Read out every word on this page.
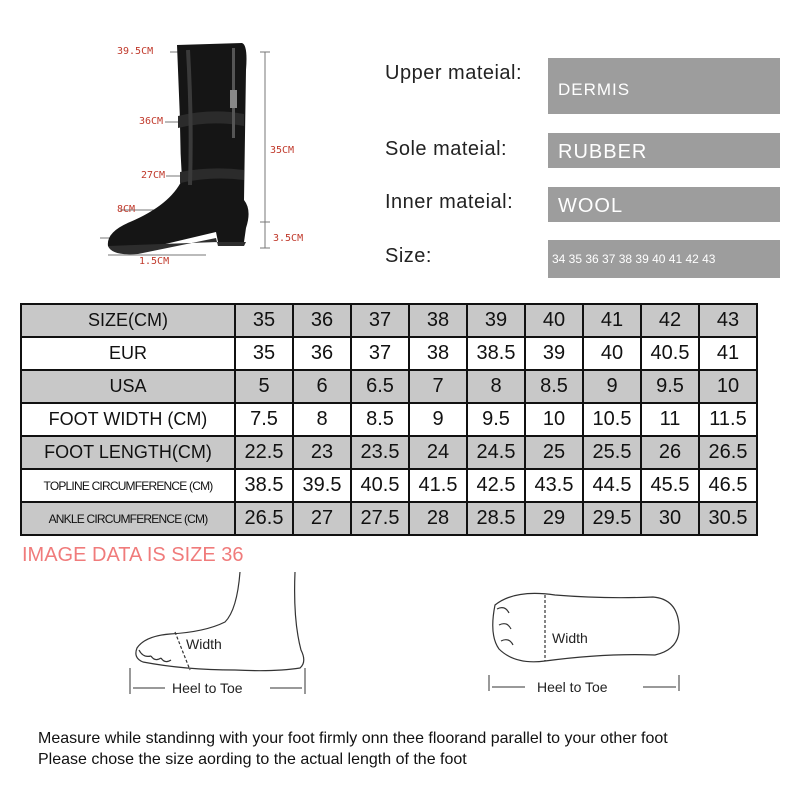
39.5CM
36CM
27CM
8CM
1.5CM
35CM
3.5CM
Upper mateial:
DERMIS
Sole mateial:	RUBBER
Inner mateial:	WOOL
Size:	34 35 36 37 38 39 40 41 42 43
SIZE(CM)	35	36	37	38	39	40	41	42	43
EUR	35	36	37	38	38.5	39	40	40.5	41
USA	5	6	6.5	7	8	8.5	9	9.5	10
FOOT WIDTH (CM)	7.5	8	8.5	9	9.5	10	10.5	11	11.5
FOOT LENGTH(CM)	22.5	23	23.5	24	24.5	25	25.5	26	26.5
TOPLINE CIRCUMFERENCE (CM)	38.5	39.5	40.5	41.5	42.5	43.5	44.5	45.5	46.5
ANKLE CIRCUMFERENCE (CM)	26.5	27	27.5	28	28.5	29	29.5	30	30.5
IMAGE DATA IS SIZE 36
Width
Heel to Toe
Width
Heel to Toe
Measure while standinng with your foot firmly onn thee floorand parallel to your other foot
Please chose the size aording to the actual length of the foot
